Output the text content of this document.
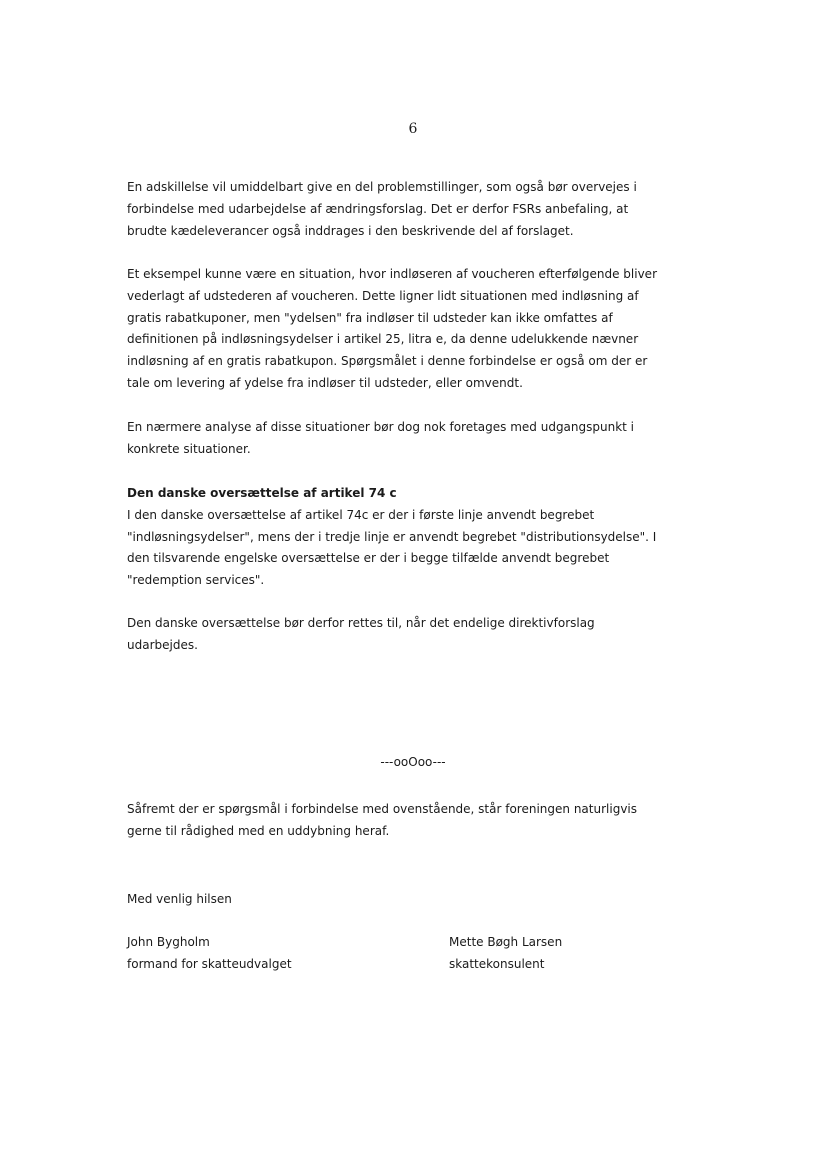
6

En adskillelse vil umiddelbart give en del problemstillinger, som også bør overvejes i
forbindelse med udarbejdelse af ændringsforslag. Det er derfor FSRs anbefaling, at
brudte kædeleverancer også inddrages i den beskrivende del af forslaget.

Et eksempel kunne være en situation, hvor indløseren af voucheren efterfølgende bliver
vederlagt af udstederen af voucheren. Dette ligner lidt situationen med indløsning af
gratis rabatkuponer, men "ydelsen" fra indløser til udsteder kan ikke omfattes af
definitionen på indløsningsydelser i artikel 25, litra e, da denne udelukkende nævner
indløsning af en gratis rabatkupon. Spørgsmålet i denne forbindelse er også om der er
tale om levering af ydelse fra indløser til udsteder, eller omvendt.

En nærmere analyse af disse situationer bør dog nok foretages med udgangspunkt i
konkrete situationer.

Den danske oversættelse af artikel 74 c
I den danske oversættelse af artikel 74c er der i første linje anvendt begrebet
"indløsningsydelser", mens der i tredje linje er anvendt begrebet "distributionsydelse". I
den tilsvarende engelske oversættelse er der i begge tilfælde anvendt begrebet
"redemption services".

Den danske oversættelse bør derfor rettes til, når det endelige direktivforslag
udarbejdes.

---ooOoo---

Såfremt der er spørgsmål i forbindelse med ovenstående, står foreningen naturligvis
gerne til rådighed med en uddybning heraf.

Med venlig hilsen
John Bygholm
formand for skatteudvalget
Mette Bøgh Larsen
skattekonsulent
